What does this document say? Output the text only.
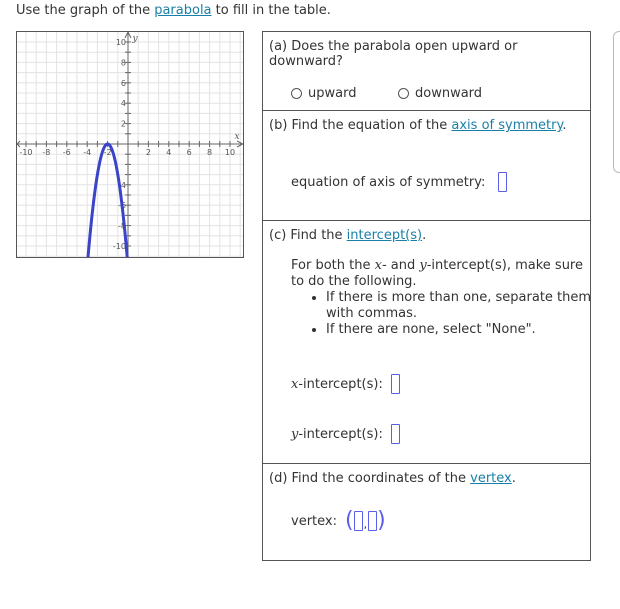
Use the graph of the parabola to fill in the table.
-10 -8 -6 -4 -2	2 4 6 8 10
10
8
6
4
2
-4
-6
-8
-10
x
y	(a) Does the parabola open upward or downward?
upward	downward
(b) Find the equation of the axis of symmetry.
equation of axis of symmetry:
(c) Find the intercept(s).
For both the x- and y-intercept(s), make sure to do the following.
• If there is more than one, separate them with commas.
• If there are none, select "None".
x -intercept(s):
y -intercept(s):
(d) Find the coordinates of the vertex.
vertex: ( , )
